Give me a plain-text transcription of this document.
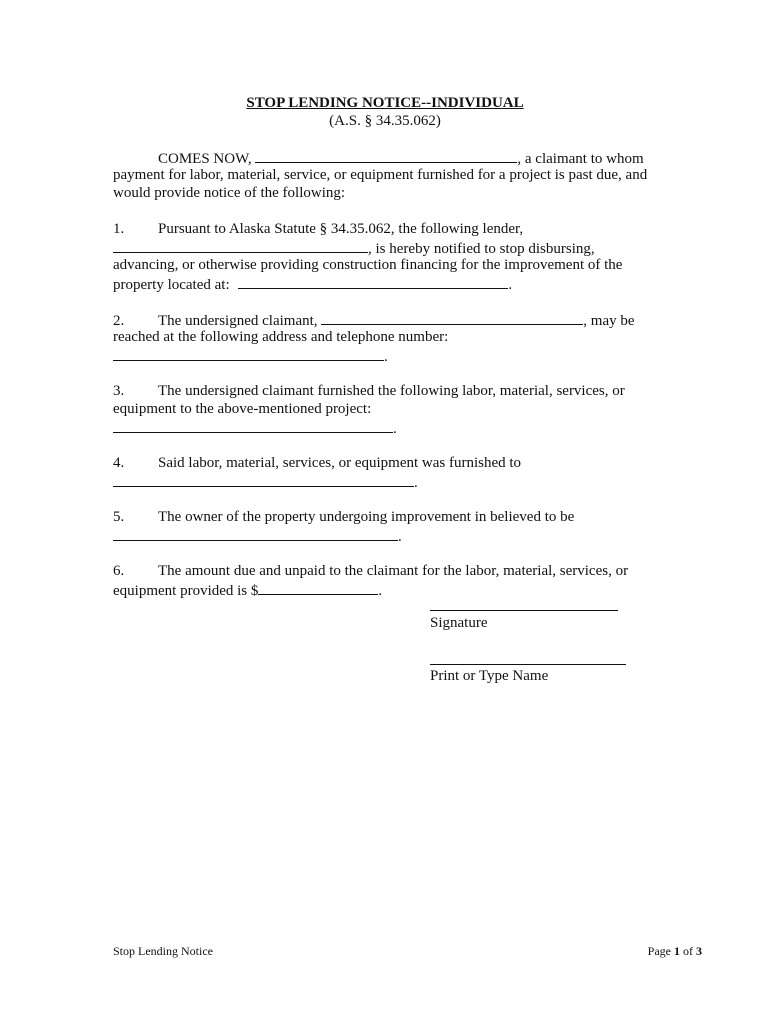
STOP LENDING NOTICE--INDIVIDUAL
(A.S. § 34.35.062)
COMES NOW,	, a claimant to whom
payment for labor, material, service, or equipment furnished for a project is past due, and
would provide notice of the following:
1. Pursuant to Alaska Statute § 34.35.062, the following lender,
, is hereby notified to stop disbursing,
advancing, or otherwise providing construction financing for the improvement of the
property located at:	.
2. The undersigned claimant,	, may be
reached at the following address and telephone number:
.
3. The undersigned claimant furnished the following labor, material, services, or
equipment to the above-mentioned project:
.
4. Said labor, material, services, or equipment was furnished to
.
5. The owner of the property undergoing improvement in believed to be
.
6. The amount due and unpaid to the claimant for the labor, material, services, or
equipment provided is $	.
Signature
Print or Type Name
Stop Lending Notice	Page 1 of 3
